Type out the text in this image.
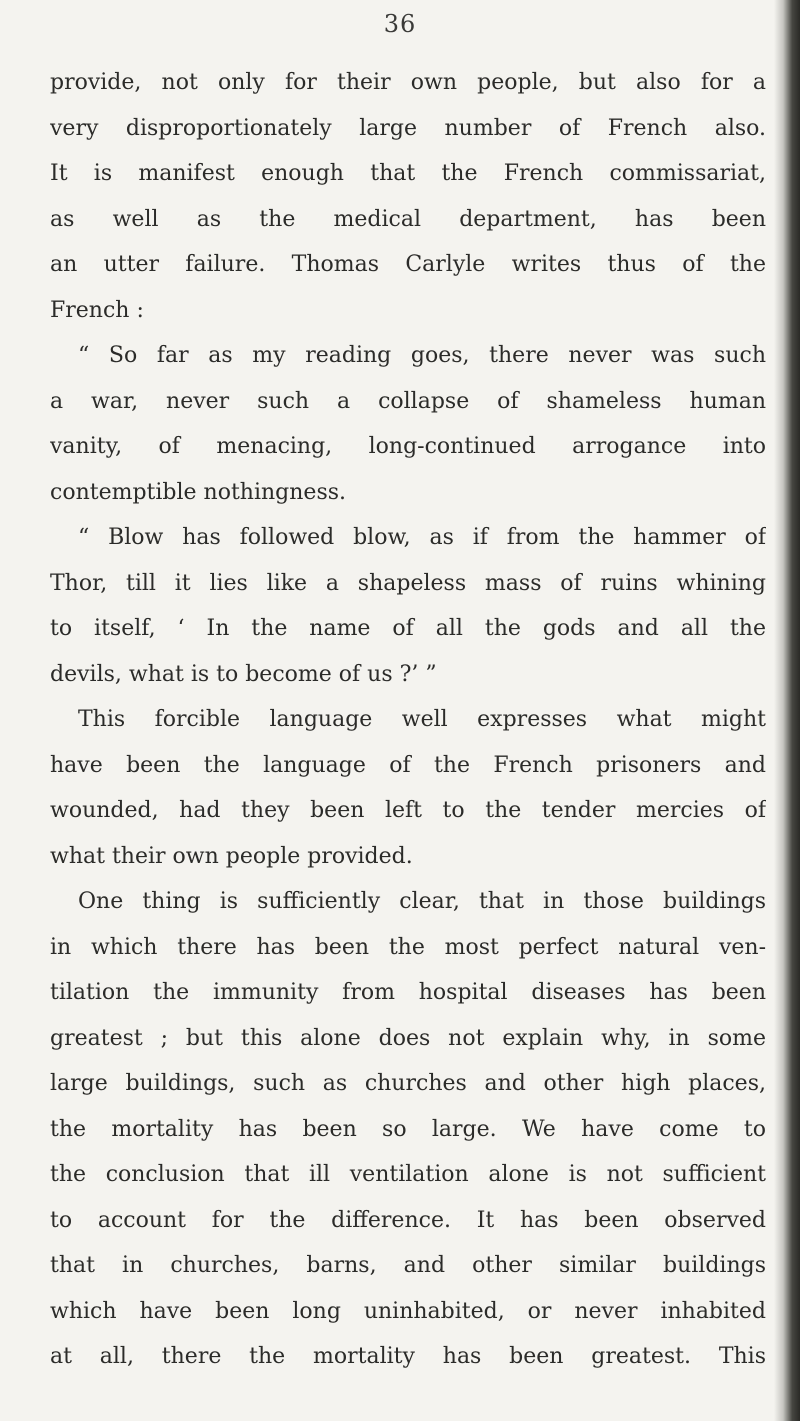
36
provide, not only for their own people, but also for a
very disproportionately large number of French also.
It is manifest enough that the French commissariat,
as well as the medical department, has been
an utter failure. Thomas Carlyle writes thus of the
French :
“ So far as my reading goes, there never was such
a war, never such a collapse of shameless human
vanity, of menacing, long-continued arrogance into
contemptible nothingness.
“ Blow has followed blow, as if from the hammer of
Thor, till it lies like a shapeless mass of ruins whining
to itself, ‘ In the name of all the gods and all the
devils, what is to become of us ?’ ”
This forcible language well expresses what might
have been the language of the French prisoners and
wounded, had they been left to the tender mercies of
what their own people provided.
One thing is sufficiently clear, that in those buildings
in which there has been the most perfect natural ven-
tilation the immunity from hospital diseases has been
greatest ; but this alone does not explain why, in some
large buildings, such as churches and other high places,
the mortality has been so large. We have come to
the conclusion that ill ventilation alone is not sufficient
to account for the difference. It has been observed
that in churches, barns, and other similar buildings
which have been long uninhabited, or never inhabited
at all, there the mortality has been greatest. This
